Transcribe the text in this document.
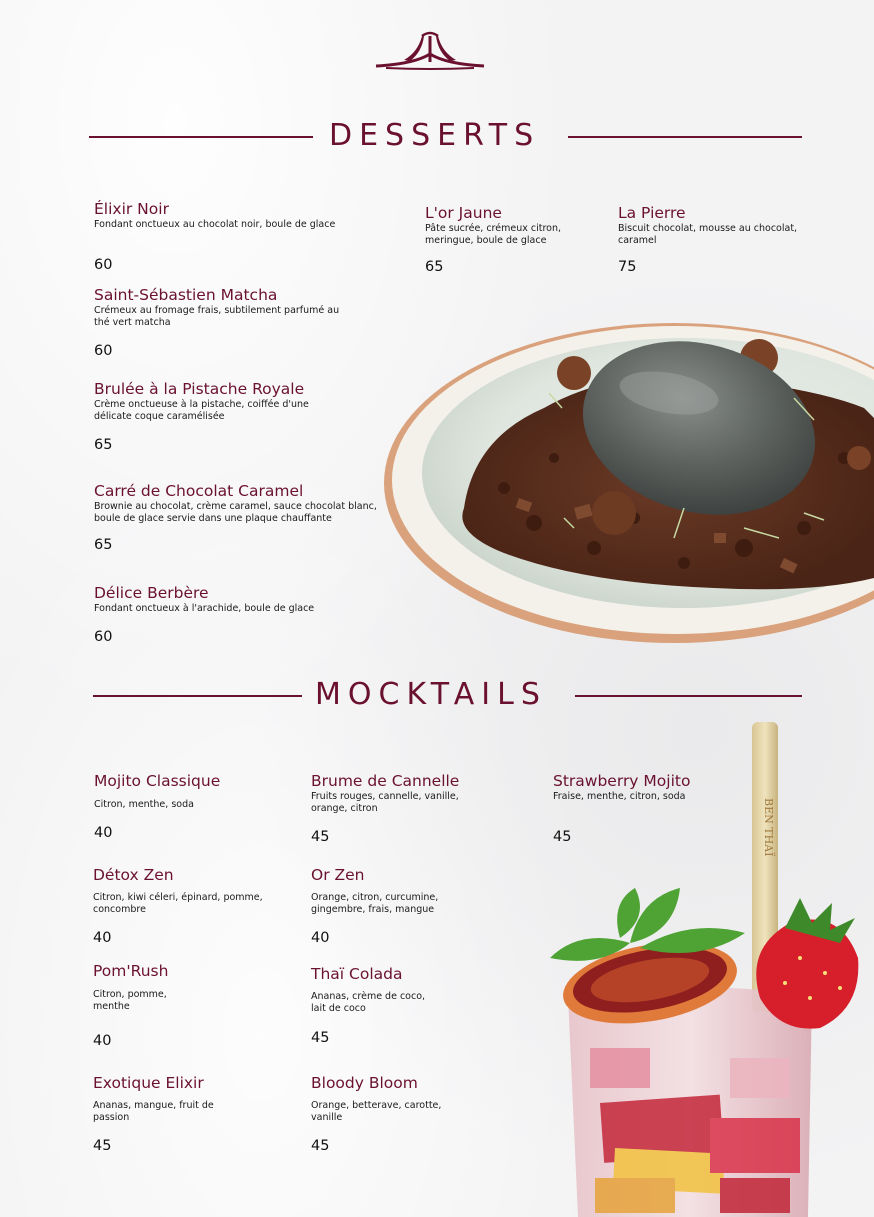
DESSERTS
Élixir Noir
Fondant onctueux au chocolat noir, boule de glace
60
L'or Jaune
Pâte sucrée, crémeux citron, meringue, boule de glace
65
La Pierre
Biscuit chocolat, mousse au chocolat, caramel
75
Saint-Sébastien Matcha
Crémeux au fromage frais, subtilement parfumé au thé vert matcha
60
Brulée à la Pistache Royale
Crème onctueuse à la pistache, coiffée d'une délicate coque caramélisée
65
Carré de Chocolat Caramel
Brownie au chocolat, crème caramel, sauce chocolat blanc, boule de glace servie dans une plaque chauffante
65
Délice Berbère
Fondant onctueux à l'arachide, boule de glace
60
MOCKTAILS
Mojito Classique
Citron, menthe, soda
40
Brume de Cannelle
Fruits rouges, cannelle, vanille, orange, citron
45
Strawberry Mojito
Fraise, menthe, citron, soda
45
Détox Zen
Citron, kiwi céleri, épinard, pomme, concombre
40
Or Zen
Orange, citron, curcumine, gingembre, frais, mangue
40
Pom'Rush
Citron, pomme, menthe
40
Thaï Colada
Ananas, crème de coco, lait de coco
45
Exotique Elixir
Ananas, mangue, fruit de passion
45
Bloody Bloom
Orange, betterave, carotte, vanille
45
BEN THAÏ
